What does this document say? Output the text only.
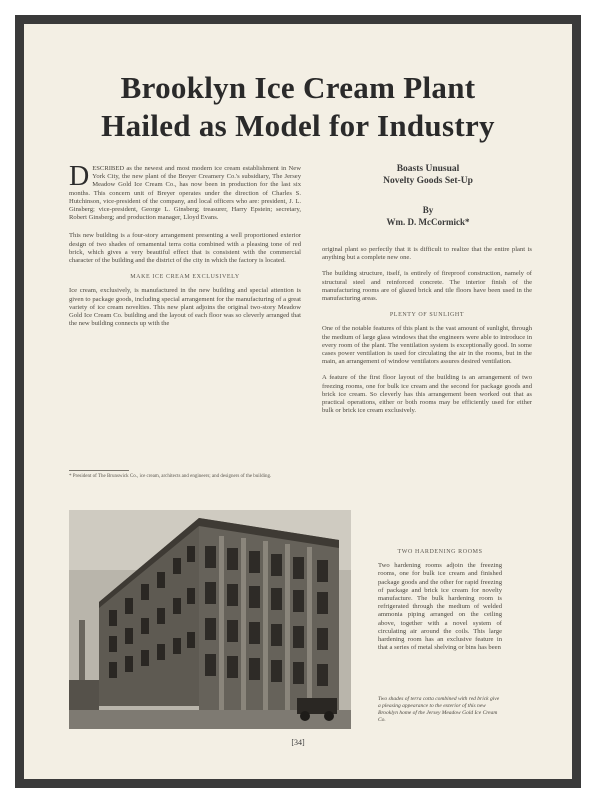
Brooklyn Ice Cream Plant
Hailed as Model for Industry

DESCRIBED as the newest and most modern ice cream establishment in New York City, the new plant of the Breyer Creamery Co.'s subsidiary, The Jersey Meadow Gold Ice Cream Co., has now been in production for the last six months. This concern unit of Breyer operates under the direction of Charles S. Hutchinson, vice-president of the company, and local officers who are: president, J. L. Ginsberg; vice-president, George L. Ginsberg; treasurer, Harry Epstein; secretary, Robert Ginsberg; and production manager, Lloyd Evans.

This new building is a four-story arrangement presenting a well proportioned exterior design of two shades of ornamental terra cotta combined with a pleasing tone of red brick, which gives a very beautiful effect that is consistent with the commercial character of the building and the district of the city in which the factory is located.

MAKE ICE CREAM EXCLUSIVELY

Ice cream, exclusively, is manufactured in the new building and special attention is given to package goods, including special arrangement for the manufacturing of a great variety of ice cream novelties. This new plant adjoins the original two-story Meadow Gold Ice Cream Co. building and the layout of each floor was so cleverly arranged that the new building connects up with the

* President of The Brunswick Co., ice cream, architects and engineers; and designers of the building.
Boasts Unusual
Novelty Goods Set-Up
By
Wm. D. McCormick*

original plant so perfectly that it is difficult to realize that the entire plant is anything but a complete new one.

The building structure, itself, is entirely of fireproof construction, namely of structural steel and reinforced concrete. The interior finish of the manufacturing rooms are of glazed brick and tile floors have been used in the manufacturing areas.

PLENTY OF SUNLIGHT

One of the notable features of this plant is the vast amount of sunlight, through the medium of large glass windows that the engineers were able to introduce in every room of the plant. The ventilation system is exceptionally good. In some cases power ventilation is used for circulating the air in the rooms, but in the main, an arrangement of window ventilators assures desired ventilation.

A feature of the first floor layout of the building is an arrangement of two freezing rooms, one for bulk ice cream and the second for package goods and brick ice cream. So cleverly has this arrangement been worked out that as practical operations, either or both rooms may be efficiently used for either bulk or brick ice cream exclusively.

TWO HARDENING ROOMS

Two hardening rooms adjoin the freezing rooms, one for bulk ice cream and finished package goods and the other for rapid freezing of package and brick ice cream for novelty manufacture. The bulk hardening room is refrigerated through the medium of welded ammonia piping arranged on the ceiling above, together with a novel system of circulating air around the coils. This large hardening room has an exclusive feature in that a series of metal shelving or bins has been

Two shades of terra cotta combined with red brick give a pleasing appearance to the exterior of this new Brooklyn home of the Jersey Meadow Gold Ice Cream Co.
[34]
